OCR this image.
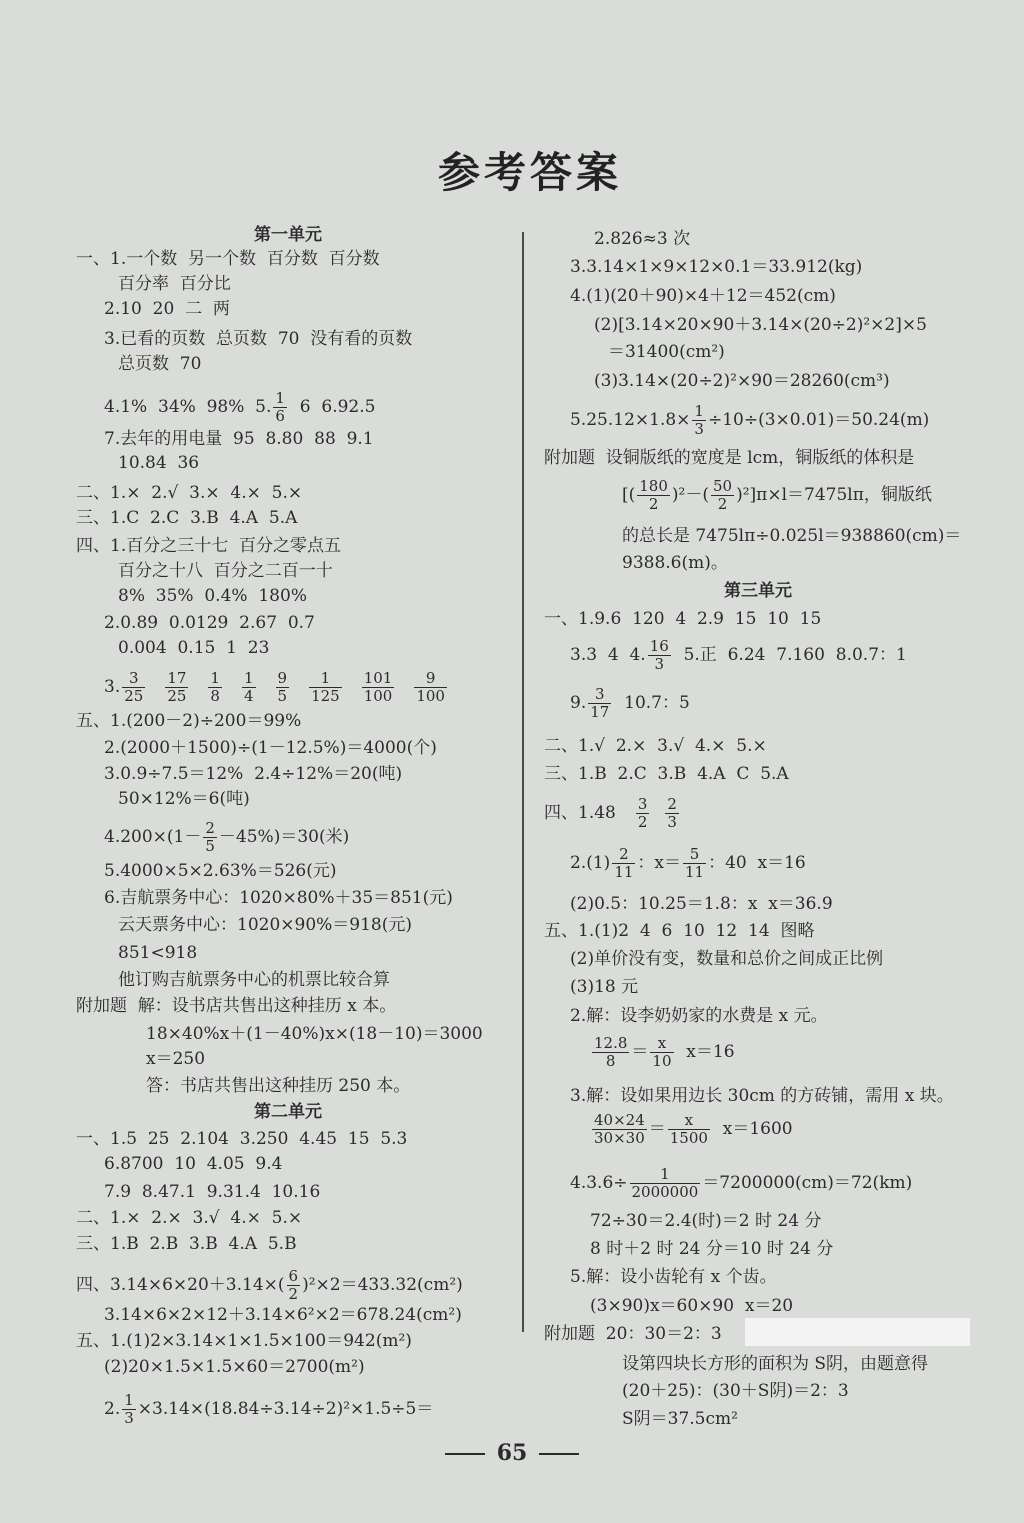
参考答案
第一单元
一、1.一个数  另一个数  百分数  百分数
百分率  百分比
2.10  20  二  两
3.已看的页数  总页数  70  没有看的页数
总页数  70
4.1%  34%  98%  5. $\frac{1}{6} 6$  6.92.5
7.去年的用电量  95  8.80  88  9.1
10.84  36
二、1.×  2.√  3.×  4.×  5.×
三、1.C  2.C  3.B  4.A  5.A
四、1.百分之三十七  百分之零点五
百分之十八  百分之二百一十
8%  35%  0.4%  180%
2.0.89  0.0129  2.67  0.7
0.004  0.15  1  23
3. $\frac{3}{25} \frac{17}{25} \frac{1}{8} \frac{1}{4} \frac{9}{5} \frac{1}{125} \frac{101}{100} \frac{9}{100}$
五、1.(200－2)÷200＝99%
2.(2000＋1500)÷(1－12.5%)＝4000(个)
3.0.9÷7.5＝12%  2.4÷12%＝20(吨)
50×12%＝6(吨)
$4.200\times(1- \frac{2}{5} -45\%)=30$(米)
5.4000×5×2.63%＝526(元)
6.吉航票务中心：1020×80%＋35＝851(元)
云天票务中心：1020×90%＝918(元)
851<918
他订购吉航票务中心的机票比较合算
附加题  解：设书店共售出这种挂历 x 本。
18×40%x＋(1－40%)x×(18－10)＝3000
x＝250
答：书店共售出这种挂历 250 本。
第二单元
一、1.5  25  2.104  3.250  4.45  15  5.3
6.8700  10  4.05  9.4
7.9  8.47.1  9.31.4  10.16
二、1.×  2.×  3.√  4.×  5.×
三、1.B  2.B  3.B  4.A  5.B
四、$3.14\times 6\times 20+3.14\times( \frac{6}{2} )^2\times 2=433.32(cm^2)$
3.14×6×2×12＋3.14×6²×2＝678.24(cm²)
五、1.(1)2×3.14×1×1.5×100＝942(m²)
(2)20×1.5×1.5×60＝2700(m²)
2. $\frac{1}{3} \times 3.14\times(18.84\div 3.14\div 2)^2\times 1.5\div 5=$
2.826≈3 次
3.3.14×1×9×12×0.1＝33.912(kg)
4.(1)(20＋90)×4＋12＝452(cm)
(2)[3.14×20×90＋3.14×(20÷2)²×2]×5
＝31400(cm²)
(3)3.14×(20÷2)²×90＝28260(cm³)
$5.25.12\times 1.8\times \frac{1}{3} \div 10\div(3\times 0.01)=50.24(m)$
附加题  设铜版纸的宽度是 lcm，铜版纸的体积是
[( $\frac{180}{2} )^2-( \frac{50}{2} )^2]\pi\times l=7475l\pi$，铜版纸
的总长是 7475lπ÷0.025l＝938860(cm)＝
9388.6(m)。
第三单元
一、1.9.6  120  4  2.9  15  10  15
3.3  4  4. $\frac{16}{3} 5$.正  6.24  7.160  8.0.7：1
9. $\frac{3}{17} 10.7$：5
二、1.√  2.×  3.√  4.×  5.×
三、1.B  2.C  3.B  4.A  C  5.A
四、$1.48 \frac{3}{2} \frac{2}{3}$
$2.(1) \frac{2}{11}$ ：$x= \frac{5}{11}$ ：40  x＝16
(2)0.5：10.25＝1.8：x  x＝36.9
五、1.(1)2  4  6  10  12  14  图略
(2)单价没有变，数量和总价之间成正比例
(3)18 元
2.解：设李奶奶家的水费是 x 元。
$\frac{12.8}{8} = \frac{x}{10} x=16$
3.解：设如果用边长 30cm 的方砖铺，需用 x 块。
$\frac{40\times 24}{30\times 30} = \frac{x}{1500} x=1600$
$4.3.6\div \frac{1}{2000000} =7200000(cm)=72(km)$
72÷30＝2.4(时)＝2 时 24 分
8 时＋2 时 24 分＝10 时 24 分
5.解：设小齿轮有 x 个齿。
(3×90)x＝60×90  x＝20
附加题  20：30＝2：3
设第四块长方形的面积为 S阴，由题意得
(20＋25)：(30＋S阴)＝2：3
S阴＝37.5cm²
65
